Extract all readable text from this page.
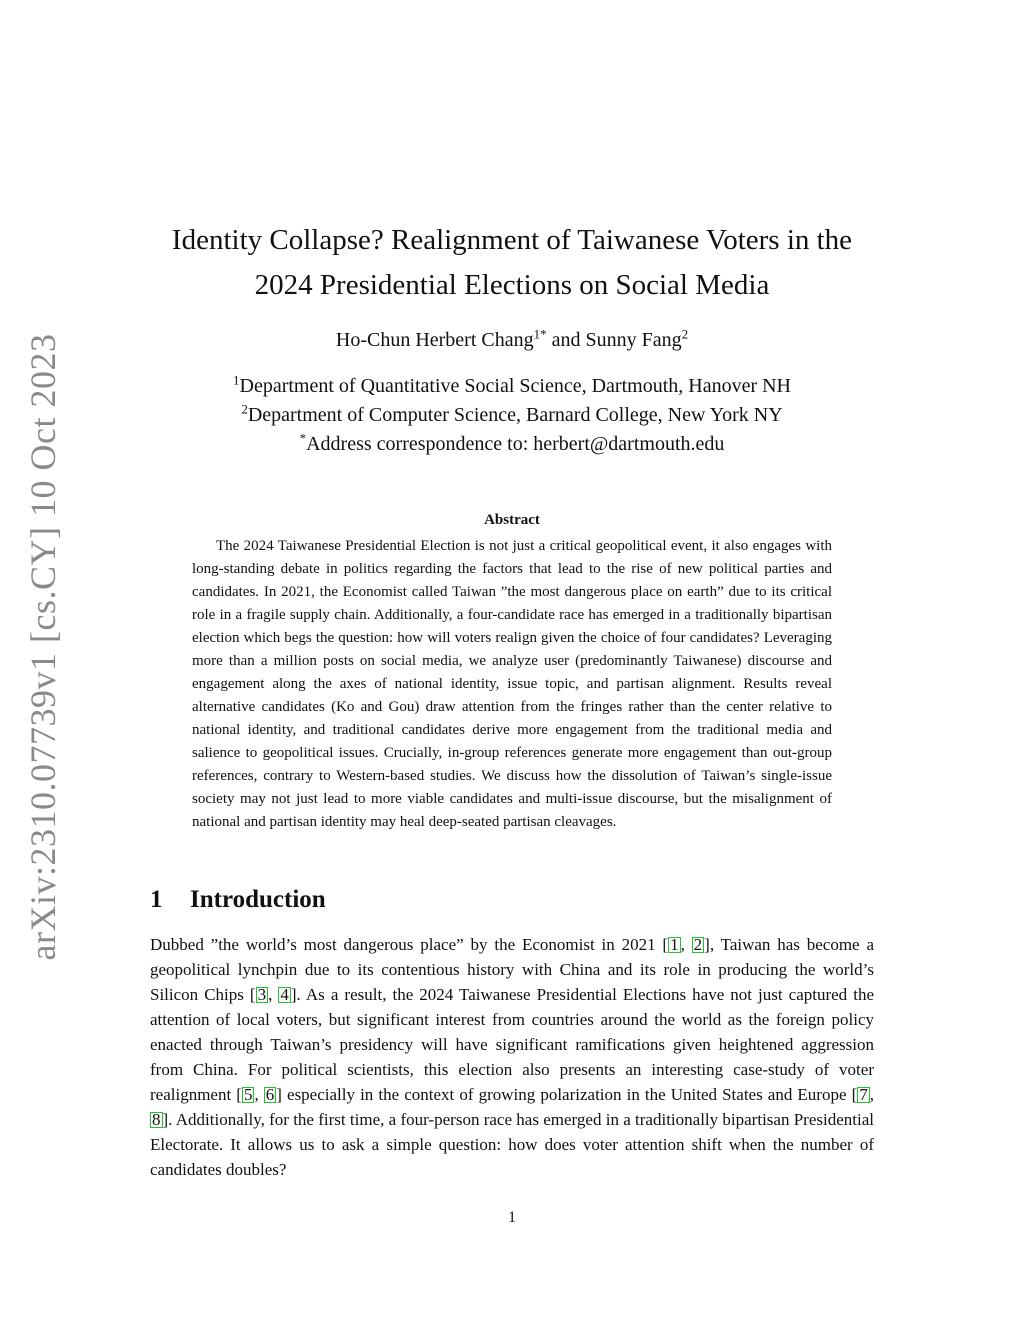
arXiv:2310.07739v1 [cs.CY] 10 Oct 2023
Identity Collapse? Realignment of Taiwanese Voters in the
2024 Presidential Elections on Social Media
Ho-Chun Herbert Chang$^{1*}$ and Sunny Fang$^2$
$^1$Department of Quantitative Social Science, Dartmouth, Hanover NH
$^2$Department of Computer Science, Barnard College, New York NY
*Address correspondence to: herbert@dartmouth.edu
Abstract

The 2024 Taiwanese Presidential Election is not just a critical geopolitical event, it also engages with long-standing debate in politics regarding the factors that lead to the rise of new political parties and candidates. In 2021, the Economist called Taiwan ”the most dangerous place on earth” due to its critical role in a fragile supply chain. Additionally, a four-candidate race has emerged in a traditionally bipartisan election which begs the question: how will voters realign given the choice of four candidates? Leveraging more than a million posts on social media, we analyze user (predominantly Taiwanese) discourse and engagement along the axes of national identity, issue topic, and partisan alignment. Results reveal alternative candidates (Ko and Gou) draw attention from the fringes rather than the center relative to national identity, and traditional candidates derive more engagement from the traditional media and salience to geopolitical issues. Crucially, in-group references generate more engagement than out-group references, contrary to Western-based studies. We discuss how the dissolution of Taiwan’s single-issue society may not just lead to more viable candidates and multi-issue discourse, but the misalignment of national and partisan identity may heal deep-seated partisan cleavages.

1 Introduction

Dubbed ”the world’s most dangerous place” by the Economist in 2021 [ 1 , 2 ], Taiwan has become a geopolitical lynchpin due to its contentious history with China and its role in producing the world’s Silicon Chips [ 3 , 4 ]. As a result, the 2024 Taiwanese Presidential Elections have not just captured the attention of local voters, but significant interest from countries around the world as the foreign policy enacted through Taiwan’s presidency will have significant ramifications given heightened aggression from China. For political scientists, this election also presents an interesting case-study of voter realignment [ 5 , 6 ] especially in the context of growing polarization in the United States and Europe [ 7 , 8 ]. Additionally, for the first time, a four-person race has emerged in a traditionally bipartisan Presidential Electorate. It allows us to ask a simple question: how does voter attention shift when the number of candidates doubles?

1
